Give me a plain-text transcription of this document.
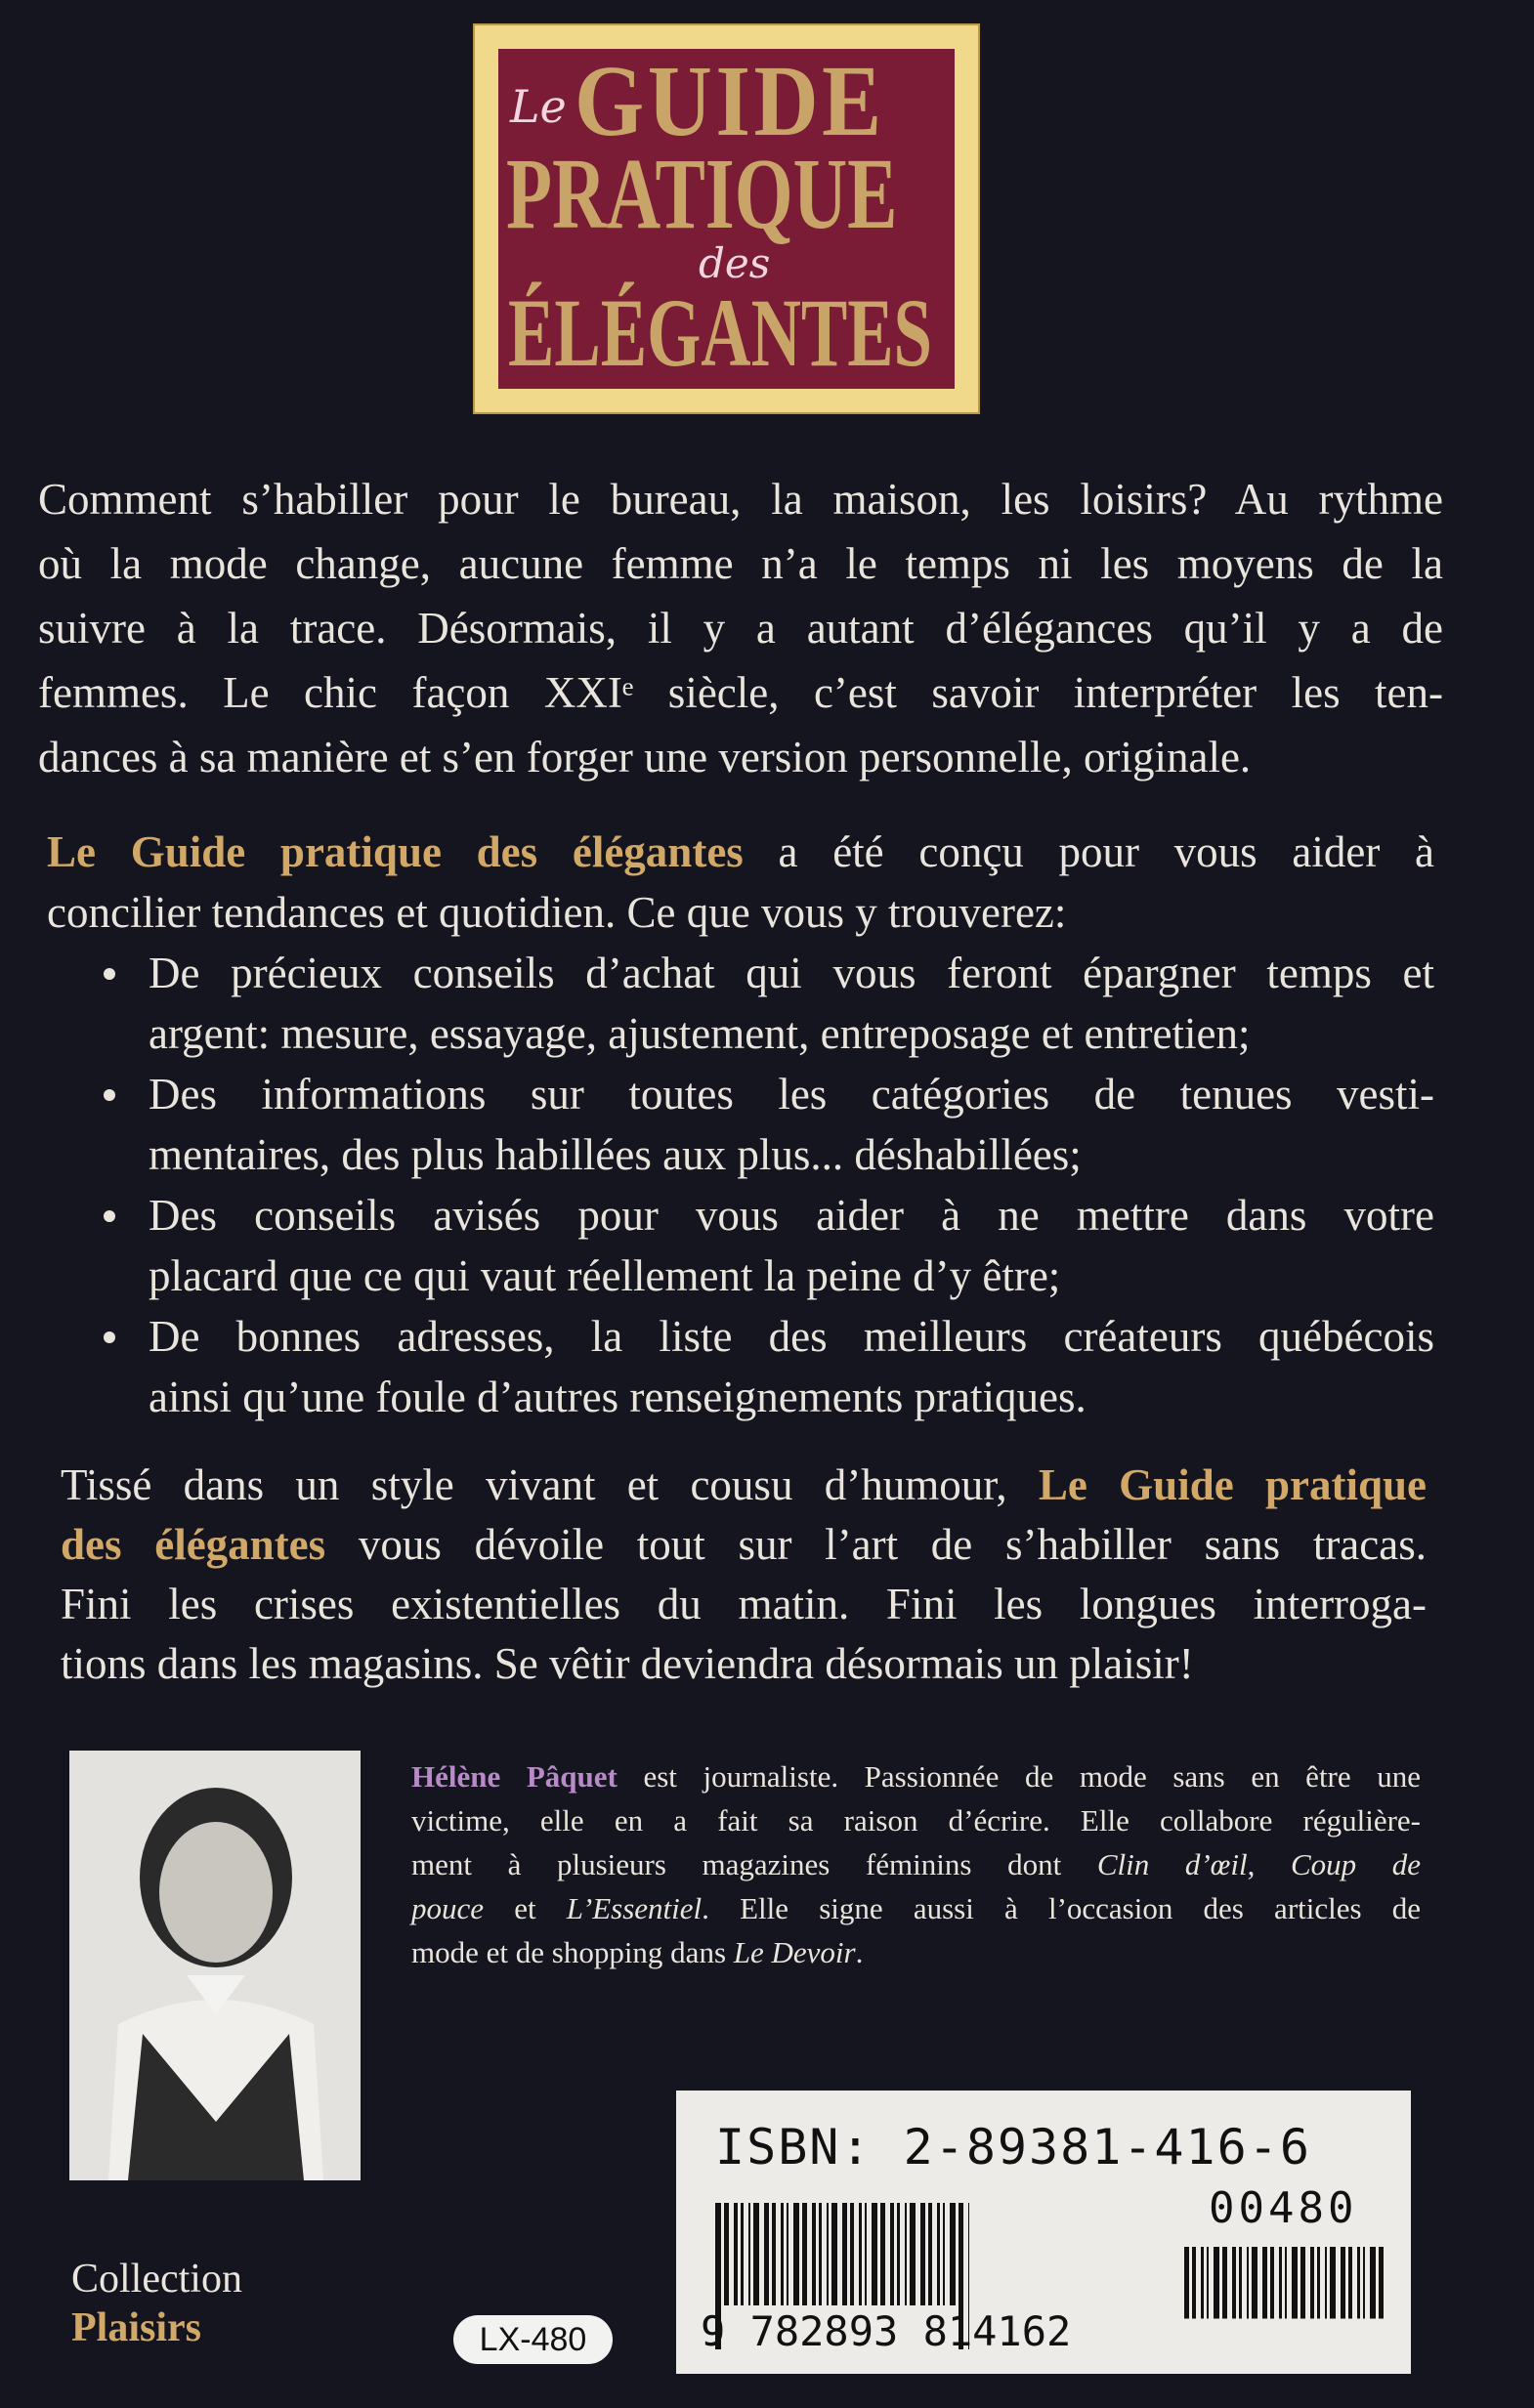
Le GUIDE
PRATIQUE
des
ÉLÉGANTES
Comment s’habiller pour le bureau, la maison, les loisirs? Au rythme
où la mode change, aucune femme n’a le temps ni les moyens de la
suivre à la trace. Désormais, il y a autant d’élégances qu’il y a de
femmes. Le chic façon XXIᵉ siècle, c’est savoir interpréter les ten-
dances à sa manière et s’en forger une version personnelle, originale.
Le Guide pratique des élégantes a été conçu pour vous aider à
concilier tendances et quotidien. Ce que vous y trouverez:
De précieux conseils d’achat qui vous feront épargner temps et
argent: mesure, essayage, ajustement, entreposage et entretien;
Des informations sur toutes les catégories de tenues vesti-
mentaires, des plus habillées aux plus... déshabillées;
Des conseils avisés pour vous aider à ne mettre dans votre
placard que ce qui vaut réellement la peine d’y être;
De bonnes adresses, la liste des meilleurs créateurs québécois
ainsi qu’une foule d’autres renseignements pratiques.
Tissé dans un style vivant et cousu d’humour, Le Guide pratique
des élégantes vous dévoile tout sur l’art de s’habiller sans tracas.
Fini les crises existentielles du matin. Fini les longues interroga-
tions dans les magasins. Se vêtir deviendra désormais un plaisir!
Hélène Pâquet est journaliste. Passionnée de mode sans en être une
victime, elle en a fait sa raison d’écrire. Elle collabore régulière-
ment à plusieurs magazines féminins dont Clin d’œil, Coup de
pouce et L’Essentiel. Elle signe aussi à l’occasion des articles de
mode et de shopping dans Le Devoir.
Collection
Plaisirs	LX-480
ISBN: 2-89381-416-6
00480
9 782893 814162
